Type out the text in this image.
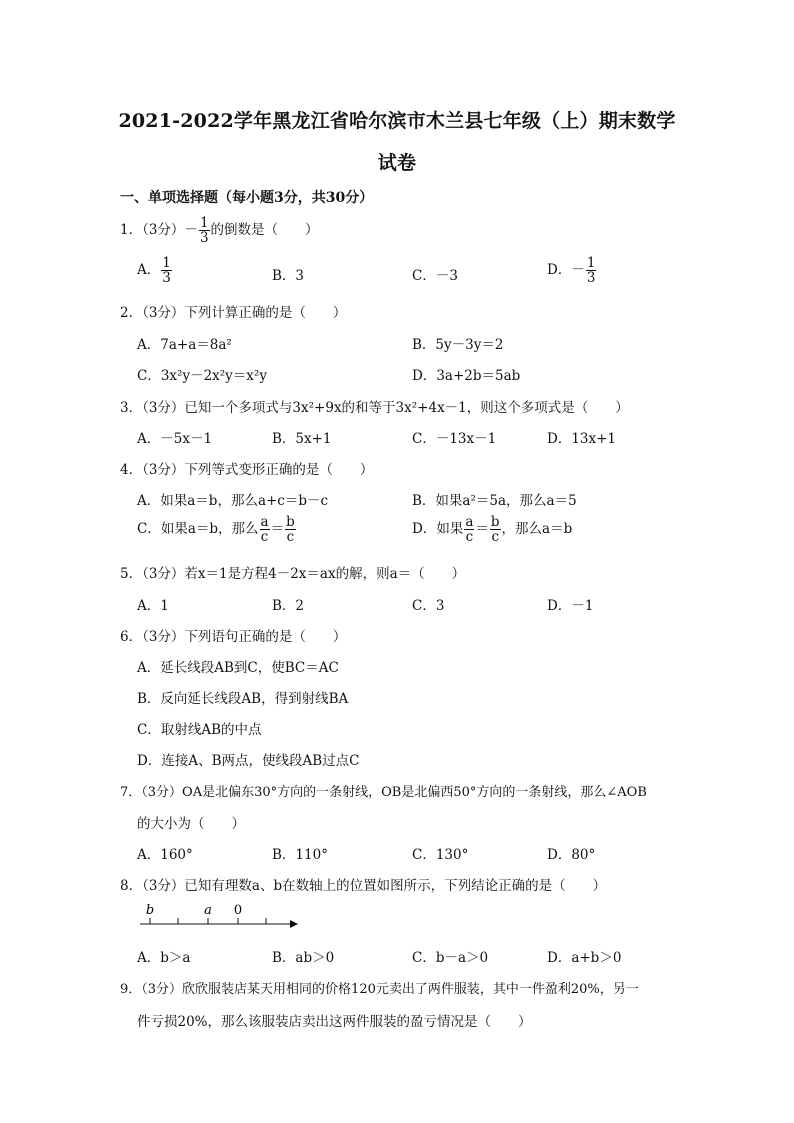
2021-2022学年黑龙江省哈尔滨市木兰县七年级（上）期末数学
试卷
一、单项选择题（每小题3分，共30分）
1．（3分）－ $\frac{1}{3}$ 的倒数是（　　）
A． $\frac{1}{3}$	B．3	C．－3	D．－ $\frac{1}{3}$
2．（3分）下列计算正确的是（　　）
A．7a+a＝8a²	B．5y－3y＝2
C．3x²y－2x²y＝x²y	D．3a+2b＝5ab
3．（3分）已知一个多项式与3x²+9x的和等于3x²+4x－1，则这个多项式是（　　）
A．－5x－1	B．5x+1	C．－13x－1	D．13x+1
4．（3分）下列等式变形正确的是（　　）
A．如果a＝b，那么a+c＝b－c	B．如果a²＝5a，那么a＝5
C．如果a＝b，那么 $\frac{a}{c} = \frac{b}{c}$	D．如果 $\frac{a}{c} = \frac{b}{c}$ ，那么a＝b
5．（3分）若x＝1是方程4－2x＝ax的解，则a＝（　　）
A．1	B．2	C．3	D．－1
6．（3分）下列语句正确的是（　　）
A．延长线段AB到C，使BC＝AC
B．反向延长线段AB，得到射线BA
C．取射线AB的中点
D．连接A、B两点，使线段AB过点C
7．（3分）OA是北偏东30°方向的一条射线，OB是北偏西50°方向的一条射线，那么∠AOB
的大小为（　　）
A．160°	B．110°	C．130°	D．80°
8．（3分）已知有理数a、b在数轴上的位置如图所示，下列结论正确的是（　　）
b	a 0
A．b＞a	B．ab＞0	C．b－a＞0	D．a+b＞0
9．（3分）欣欣服装店某天用相同的价格120元卖出了两件服装，其中一件盈利20%，另一
件亏损20%，那么该服装店卖出这两件服装的盈亏情况是（　　）
